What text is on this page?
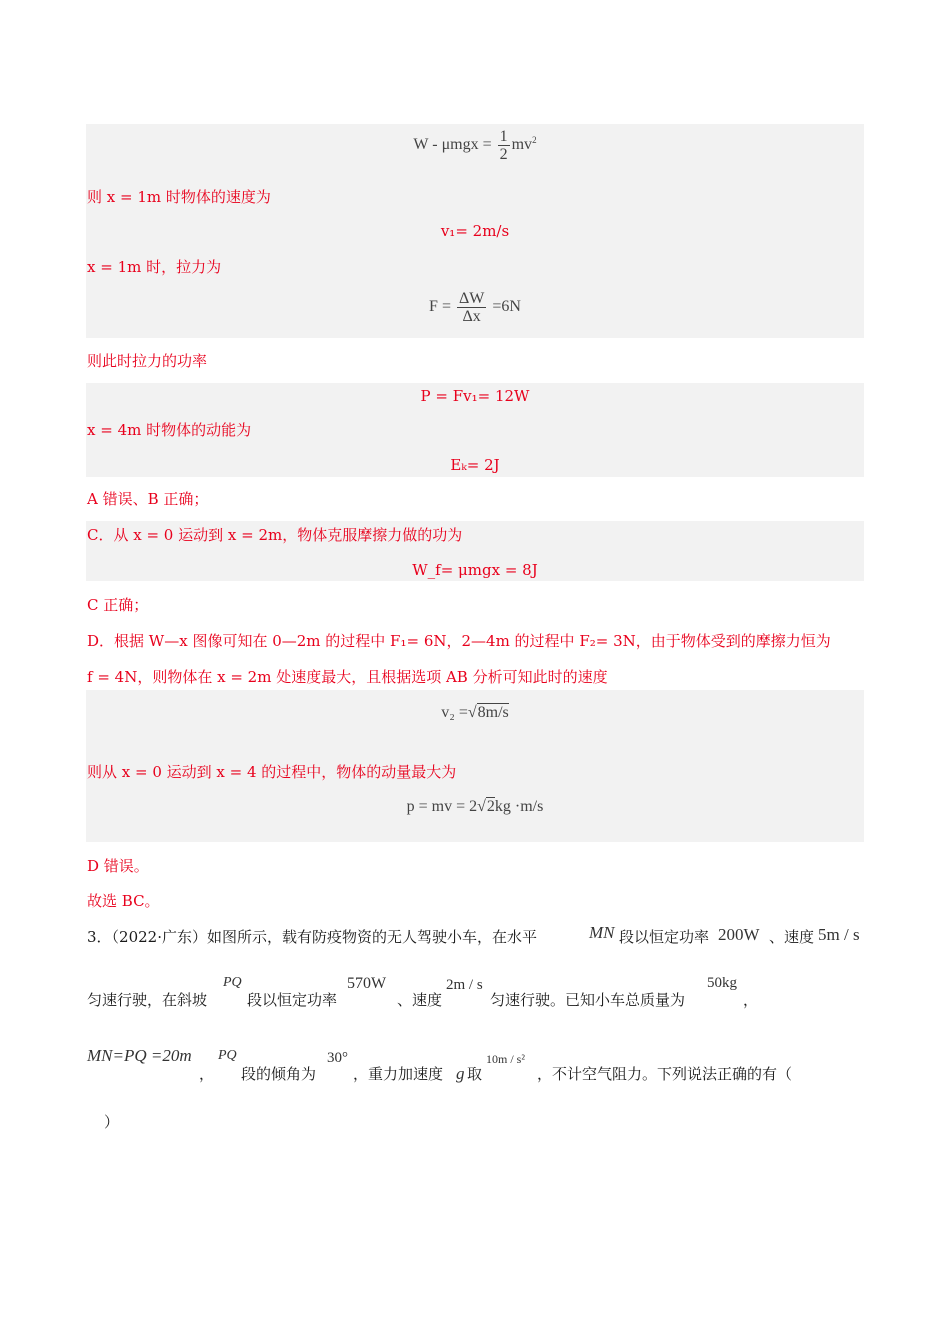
$W - \mu mgx = \frac{1}{2} mv^2$
则 x = 1m 时物体的速度为
v₁= 2m/s
x = 1m 时，拉力为
$F = \frac{\Delta W}{\Delta x} =6N$
则此时拉力的功率
P = Fv₁= 12W
x = 4m 时物体的动能为
Eₖ= 2J
A 错误、B 正确；
C．从 x = 0 运动到 x = 2m，物体克服摩擦力做的功为
W_f= μmgx = 8J
C 正确；
D．根据 W—x 图像可知在 0—2m 的过程中 F₁= 6N，2—4m 的过程中 F₂= 3N，由于物体受到的摩擦力恒为
f = 4N，则物体在 x = 2m 处速度最大，且根据选项 AB 分析可知此时的速度
v₂ =√8m/s
则从 x = 0 运动到 x = 4 的过程中，物体的动量最大为
p = mv = 2√2kg ·m/s
D 错误。
故选 BC。
3．（2022·广东）如图所示，载有防疫物资的无人驾驶小车，在水平	MN 段以恒定功率 200W 、速度 5m / s
匀速行驶，在斜坡
PQ
段以恒定功率
570W
、速度
2m / s
匀速行驶。已知小车总质量为
50kg
，
MN=PQ =20m
，
PQ
段的倾角为
30°
，重力加速度 g 取
10m / s²
，不计空气阻力。下列说法正确的有（
）
